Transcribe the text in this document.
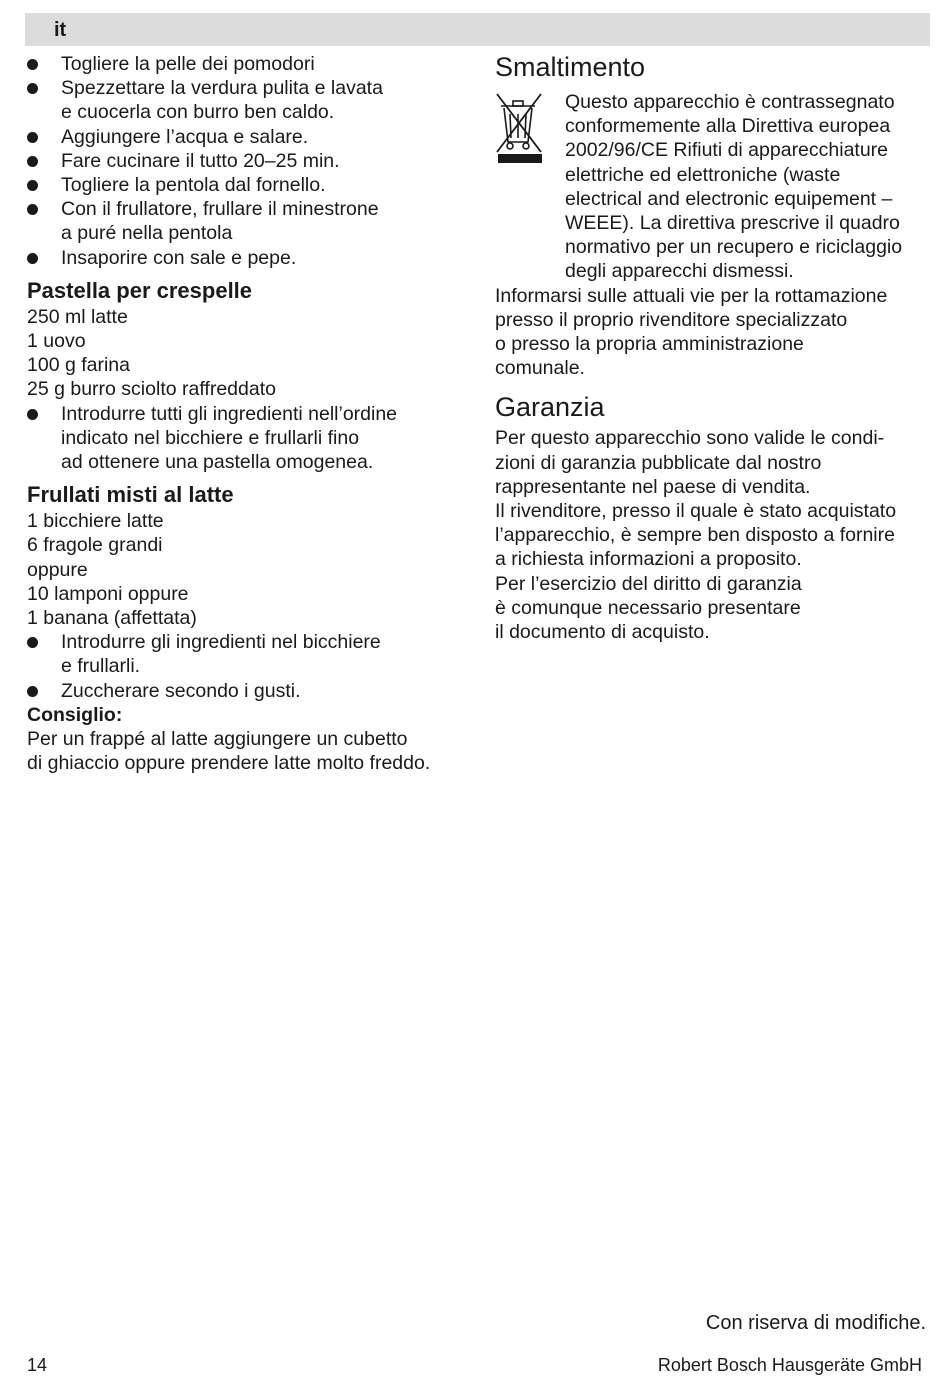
it
Togliere la pelle dei pomodori
Spezzettare la verdura pulita e lavata
e cuocerla con burro ben caldo.
Aggiungere l’acqua e salare.
Fare cucinare il tutto 20–25 min.
Togliere la pentola dal fornello.
Con il frullatore, frullare il minestrone
a puré nella pentola
Insaporire con sale e pepe.
Pastella per crespelle

250 ml latte

1 uovo

100 g farina

25 g burro sciolto raffreddato

Introdurre tutti gli ingredienti nell’ordine
indicato nel bicchiere e frullarli fino
ad ottenere una pastella omogenea.
Frullati misti al latte

1 bicchiere latte

6 fragole grandi

oppure

10 lamponi oppure

1 banana (affettata)

Introdurre gli ingredienti nel bicchiere
e frullarli.
Zuccherare secondo i gusti.

Consiglio:

Per un frappé al latte aggiungere un cubetto

di ghiaccio oppure prendere latte molto freddo.

Smaltimento

Questo apparecchio è contrassegnato

conformemente alla Direttiva europea

2002/96/CE Rifiuti di apparecchiature

elettriche ed elettroniche (waste

electrical and electronic equipement –

WEEE). La direttiva prescrive il quadro

normativo per un recupero e riciclaggio

degli apparecchi dismessi.

Informarsi sulle attuali vie per la rottamazione

presso il proprio rivenditore specializzato

o presso la propria amministrazione

comunale.

Garanzia

Per questo apparecchio sono valide le condi-

zioni di garanzia pubblicate dal nostro

rappresentante nel paese di vendita.

Il rivenditore, presso il quale è stato acquistato

l’apparecchio, è sempre ben disposto a fornire

a richiesta informazioni a proposito.

Per l’esercizio del diritto di garanzia

è comunque necessario presentare

il documento di acquisto.

Con riserva di modifiche.
14	Robert Bosch Hausgeräte GmbH
